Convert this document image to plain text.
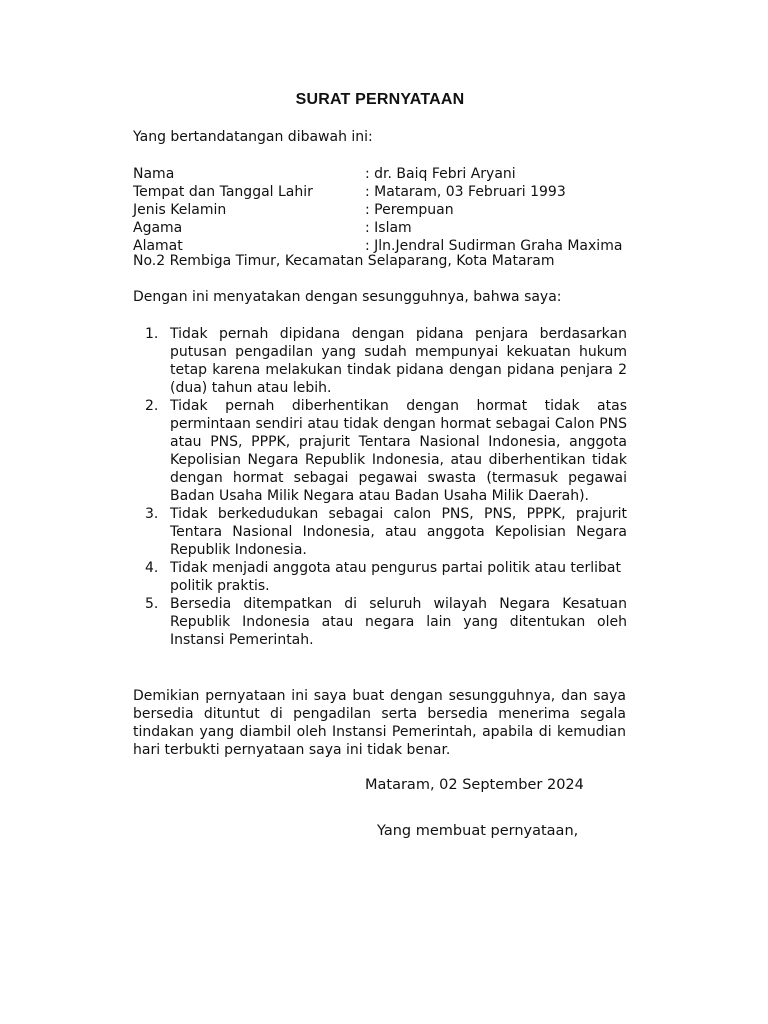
SURAT PERNYATAAN
Yang bertandatangan dibawah ini:
Nama	: dr. Baiq Febri Aryani
Tempat dan Tanggal Lahir	: Mataram, 03 Februari 1993
Jenis Kelamin	: Perempuan
Agama	: Islam
Alamat	: Jln.Jendral Sudirman Graha Maxima
No.2 Rembiga Timur, Kecamatan Selaparang, Kota Mataram
Dengan ini menyatakan dengan sesungguhnya, bahwa saya:
1. Tidak pernah dipidana dengan pidana penjara berdasarkan putusan pengadilan yang sudah mempunyai kekuatan hukum tetap karena melakukan tindak pidana dengan pidana penjara 2 (dua) tahun atau lebih.
2. Tidak pernah diberhentikan dengan hormat tidak atas permintaan sendiri atau tidak dengan hormat sebagai Calon PNS atau PNS, PPPK, prajurit Tentara Nasional Indonesia, anggota Kepolisian Negara Republik Indonesia, atau diberhentikan tidak dengan hormat sebagai pegawai swasta (termasuk pegawai Badan Usaha Milik Negara atau Badan Usaha Milik Daerah).
3. Tidak berkedudukan sebagai calon PNS, PNS, PPPK, prajurit Tentara Nasional Indonesia, atau anggota Kepolisian Negara Republik Indonesia.
4. Tidak menjadi anggota atau pengurus partai politik atau terlibat politik praktis.
5. Bersedia ditempatkan di seluruh wilayah Negara Kesatuan Republik Indonesia atau negara lain yang ditentukan oleh Instansi Pemerintah.
Demikian pernyataan ini saya buat dengan sesungguhnya, dan saya bersedia dituntut di pengadilan serta bersedia menerima segala tindakan yang diambil oleh Instansi Pemerintah, apabila di kemudian hari terbukti pernyataan saya ini tidak benar.
Mataram, 02 September 2024
Yang membuat pernyataan,
